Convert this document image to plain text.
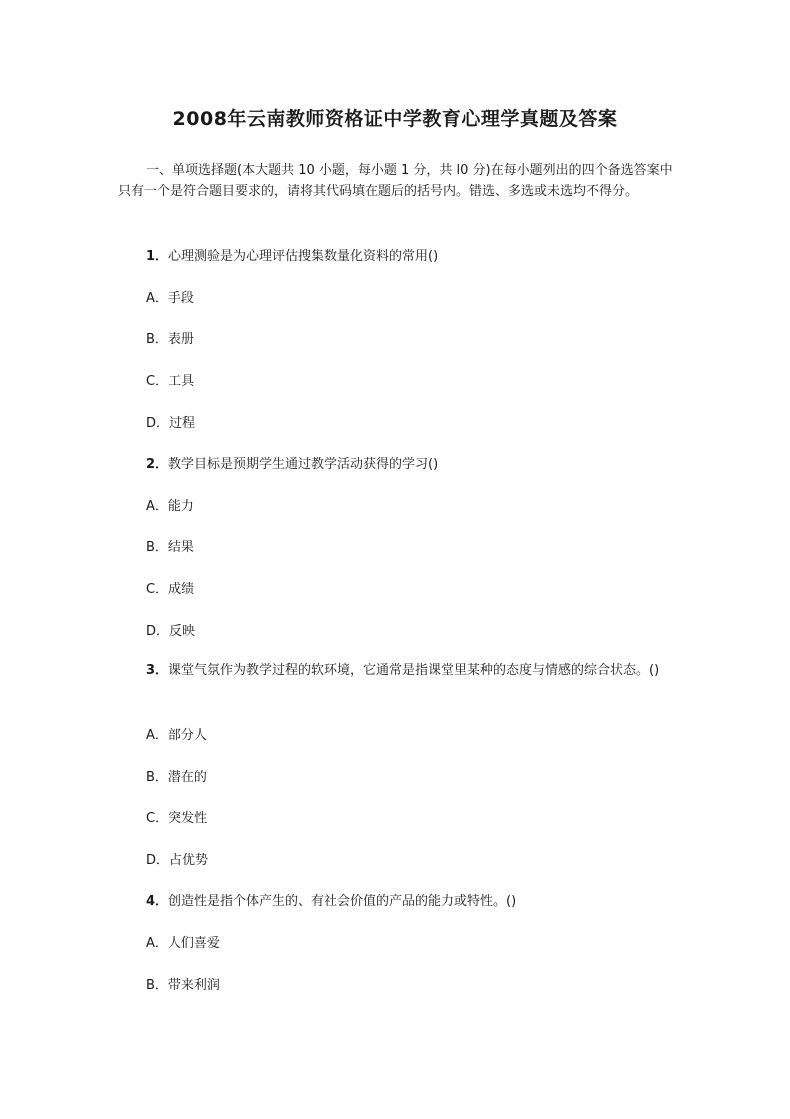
2008年云南教师资格证中学教育心理学真题及答案

一、单项选择题(本大题共 10 小题，每小题 1 分，共 l0 分)在每小题列出的四个备选答案中只有一个是符合题目要求的，请将其代码填在题后的括号内。错选、多选或未选均不得分。

1．心理测验是为心理评估搜集数量化资料的常用()

A．手段

B．表册

C．工具

D．过程

2．教学目标是预期学生通过教学活动获得的学习()

A．能力

B．结果

C．成绩

D．反映

3．课堂气氛作为教学过程的软环境，它通常是指课堂里某种的态度与情感的综合状态。()

A．部分人

B．潜在的

C．突发性

D．占优势

4．创造性是指个体产生的、有社会价值的产品的能力或特性。()

A．人们喜爱

B．带来利润
